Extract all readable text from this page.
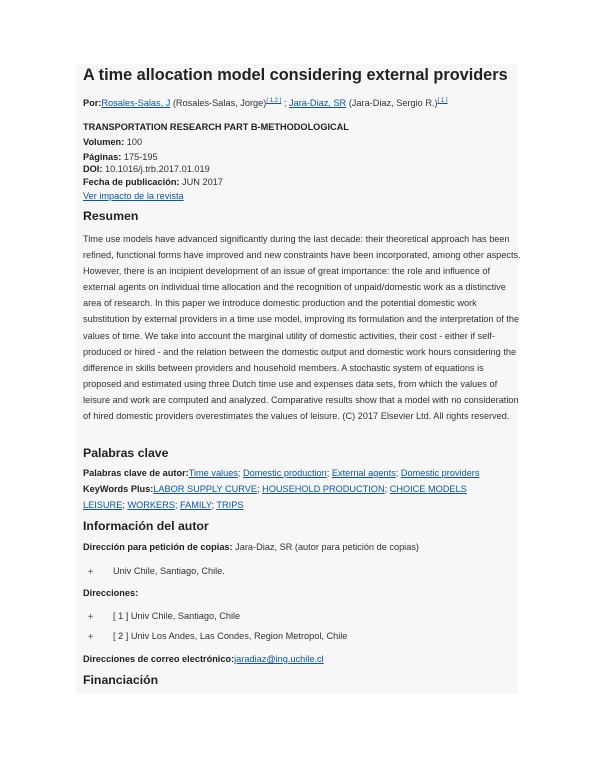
A time allocation model considering external providers
Por:Rosales-Salas, J (Rosales-Salas, Jorge)[ 1,2 ] ; Jara-Diaz, SR (Jara-Diaz, Sergio R.)[ 1 ]
TRANSPORTATION RESEARCH PART B-METHODOLOGICAL
Volumen: 100
Páginas: 175-195
DOI: 10.1016/j.trb.2017.01.019
Fecha de publicación: JUN 2017
Ver impacto de la revista
Resumen

Time use models have advanced significantly during the last decade: their theoretical approach has been refined, functional forms have improved and new constraints have been incorporated, among other aspects. However, there is an incipient development of an issue of great importance: the role and influence of external agents on individual time allocation and the recognition of unpaid/domestic work as a distinctive area of research. In this paper we introduce domestic production and the potential domestic work substitution by external providers in a time use model, improving its formulation and the interpretation of the values of time. We take into account the marginal utility of domestic activities, their cost - either if self-produced or hired - and the relation between the domestic output and domestic work hours considering the difference in skills between providers and household members. A stochastic system of equations is proposed and estimated using three Dutch time use and expenses data sets, from which the values of leisure and work are computed and analyzed. Comparative results show that a model with no consideration of hired domestic providers overestimates the values of leisure. (C) 2017 Elsevier Ltd. All rights reserved.

Palabras clave
Palabras clave de autor:Time values; Domestic production; External agents; Domestic providers
KeyWords Plus:LABOR SUPPLY CURVE; HOUSEHOLD PRODUCTION; CHOICE MODELS
LEISURE; WORKERS; FAMILY; TRIPS
Información del autor
Dirección para petición de copias: Jara-Diaz, SR (autor para petición de copias)
+ Univ Chile, Santiago, Chile.
Direcciones:
+ [ 1 ] Univ Chile, Santiago, Chile
+ [ 2 ] Univ Los Andes, Las Condes, Region Metropol, Chile
Direcciones de correo electrónico:jaradiaz@ing.uchile.cl
Financiación
